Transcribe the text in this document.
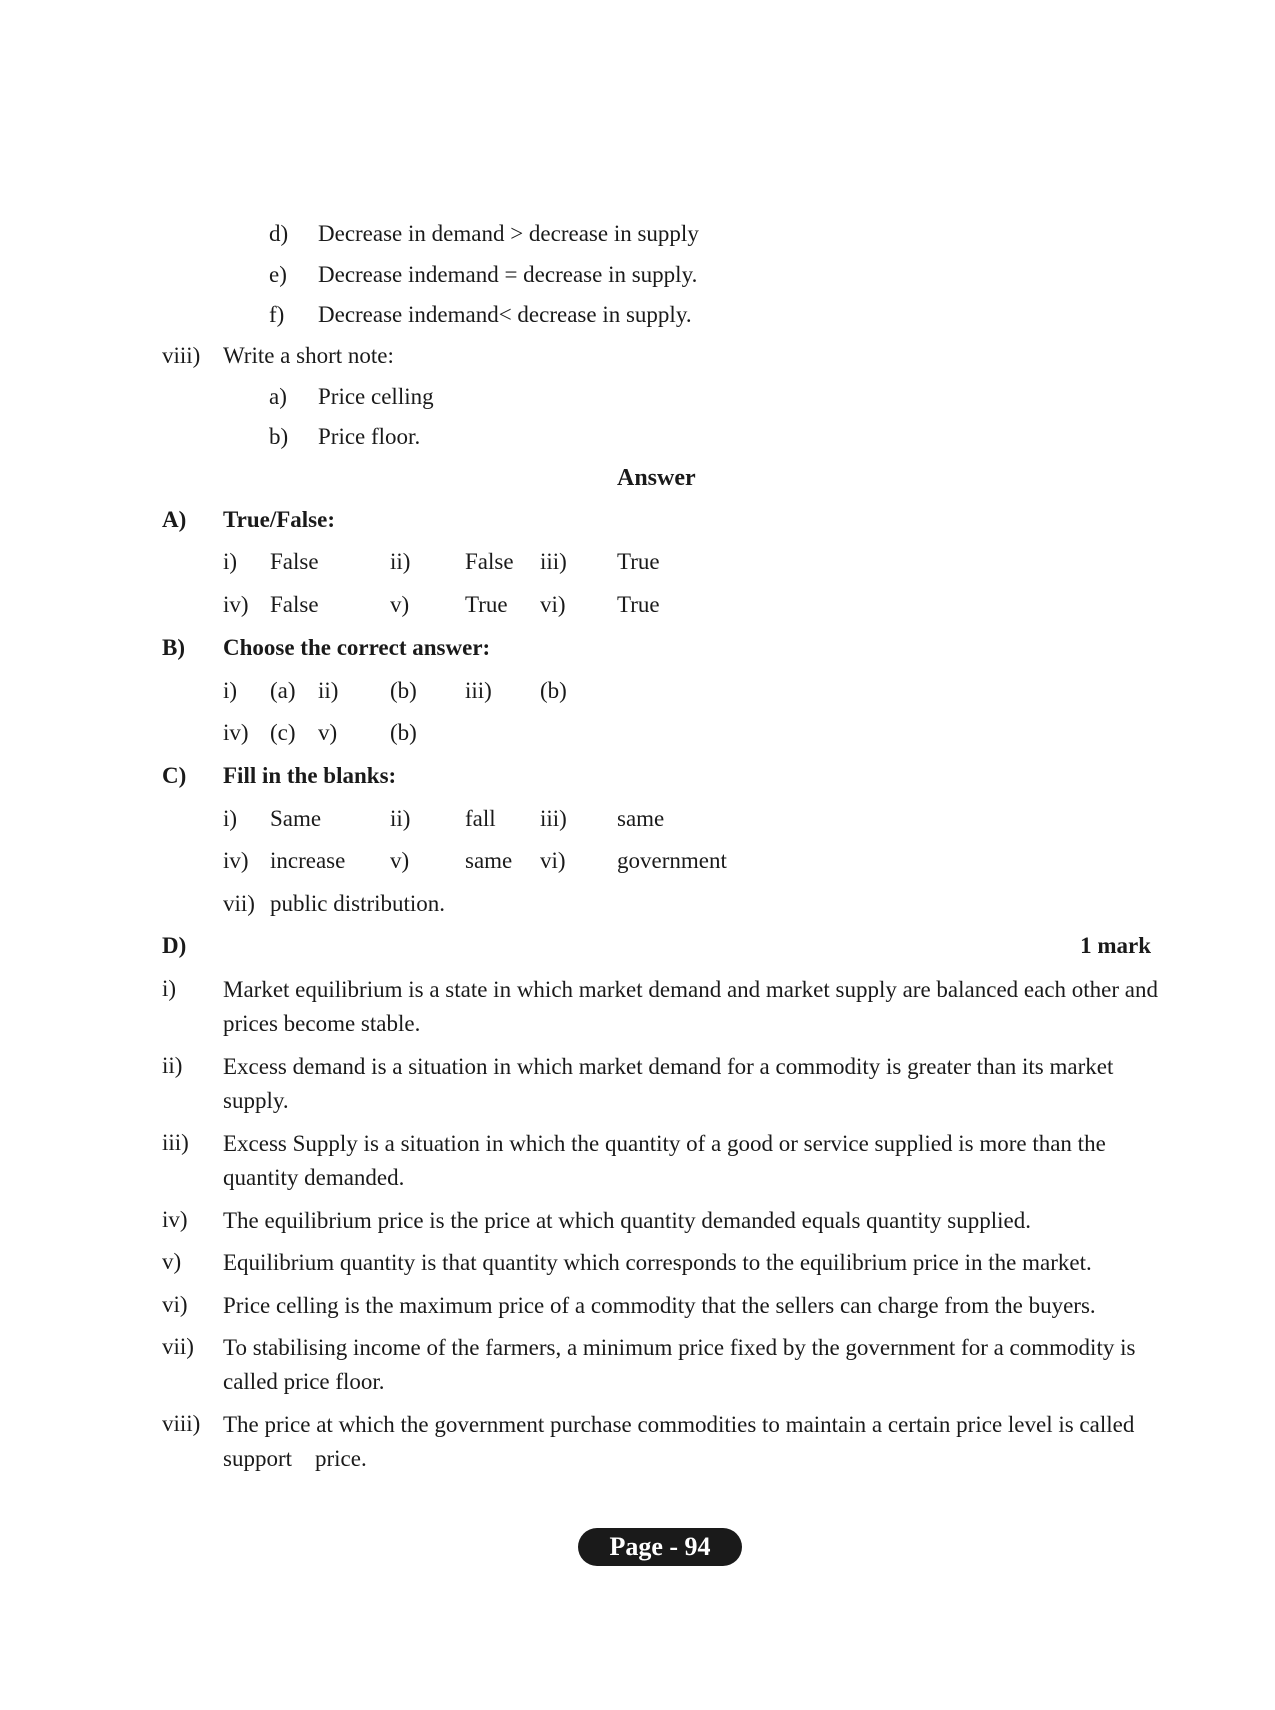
d) Decrease in demand > decrease in supply
e) Decrease indemand = decrease in supply.
f) Decrease indemand< decrease in supply.
viii) Write a short note:
a) Price celling
b) Price floor.
Answer
A) True/False:
i) False	ii) False iii) True
iv) False	v) True vi) True
B) Choose the correct answer:
i) (a) ii) (b) iii) (b)
iv) (c) v) (b)
C) Fill in the blanks:
i) Same	ii) fall iii) same
iv) increase v) same vi) government
vii) public distribution.
D)	1 mark
i) Market equilibrium is a state in which market demand and market supply are balanced each other and prices become stable.
ii) Excess demand is a situation in which market demand for a commodity is greater than its market supply.
iii) Excess Supply is a situation in which the quantity of a good or service supplied is more than the quantity demanded.
iv) The equilibrium price is the price at which quantity demanded equals quantity supplied.
v) Equilibrium quantity is that quantity which corresponds to the equilibrium price in the market.
vi) Price celling is the maximum price of a commodity that the sellers can charge from the buyers.
vii) To stabilising income of the farmers, a minimum price fixed by the government for a commodity is called price floor.
viii) The price at which the government purchase commodities to maintain a certain price level is called support    price.
Page - 94
